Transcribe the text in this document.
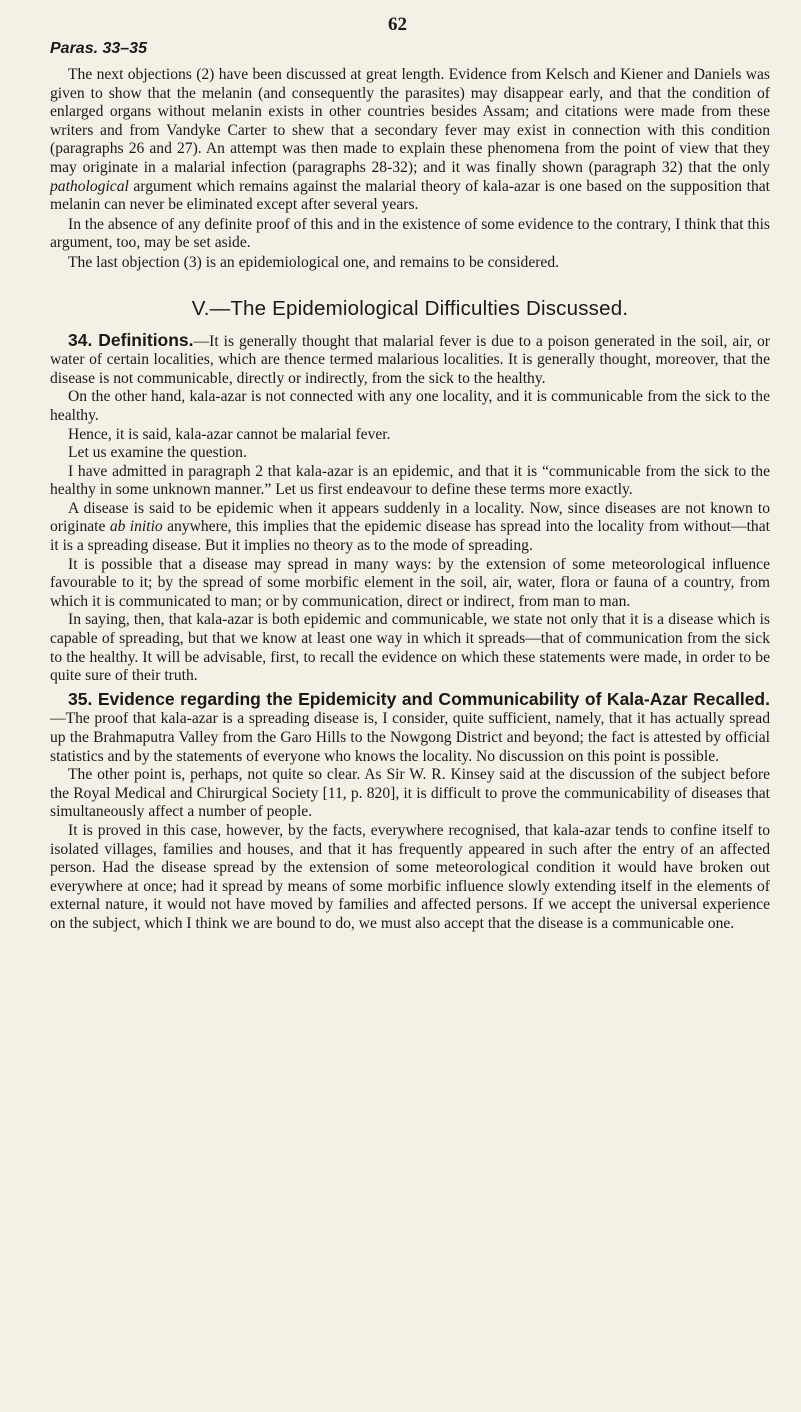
62
Paras. 33–35

The next objections (2) have been discussed at great length. Evidence from Kelsch and Kiener and Daniels was given to show that the melanin (and consequently the parasites) may disappear early, and that the condition of enlarged organs without melanin exists in other countries besides Assam; and citations were made from these writers and from Vandyke Carter to shew that a secondary fever may exist in connection with this condition (paragraphs 26 and 27). An attempt was then made to explain these phenomena from the point of view that they may originate in a malarial infection (paragraphs 28-32); and it was finally shown (paragraph 32) that the only pathological argument which remains against the malarial theory of kala-azar is one based on the supposition that melanin can never be eliminated except after several years.

In the absence of any definite proof of this and in the existence of some evidence to the contrary, I think that this argument, too, may be set aside.

The last objection (3) is an epidemiological one, and remains to be considered.

V.—The Epidemiological Difficulties Discussed.

34. Definitions.—It is generally thought that malarial fever is due to a poison generated in the soil, air, or water of certain localities, which are thence termed malarious localities. It is generally thought, moreover, that the disease is not communicable, directly or indirectly, from the sick to the healthy.

On the other hand, kala-azar is not connected with any one locality, and it is communicable from the sick to the healthy.

Hence, it is said, kala-azar cannot be malarial fever.

Let us examine the question.

I have admitted in paragraph 2 that kala-azar is an epidemic, and that it is “communicable from the sick to the healthy in some unknown manner.” Let us first endeavour to define these terms more exactly.

A disease is said to be epidemic when it appears suddenly in a locality. Now, since diseases are not known to originate ab initio anywhere, this implies that the epidemic disease has spread into the locality from without—that it is a spreading disease. But it implies no theory as to the mode of spreading.

It is possible that a disease may spread in many ways: by the extension of some meteorological influence favourable to it; by the spread of some morbific element in the soil, air, water, flora or fauna of a country, from which it is communicated to man; or by communication, direct or indirect, from man to man.

In saying, then, that kala-azar is both epidemic and communicable, we state not only that it is a disease which is capable of spreading, but that we know at least one way in which it spreads—that of communication from the sick to the healthy. It will be advisable, first, to recall the evidence on which these statements were made, in order to be quite sure of their truth.

35. Evidence regarding the Epidemicity and Communicability of Kala-Azar Recalled.—The proof that kala-azar is a spreading disease is, I consider, quite sufficient, namely, that it has actually spread up the Brahmaputra Valley from the Garo Hills to the Nowgong District and beyond; the fact is attested by official statistics and by the statements of everyone who knows the locality. No discussion on this point is possible.

The other point is, perhaps, not quite so clear. As Sir W. R. Kinsey said at the discussion of the subject before the Royal Medical and Chirurgical Society [11, p. 820], it is difficult to prove the communicability of diseases that simultaneously affect a number of people.

It is proved in this case, however, by the facts, everywhere recognised, that kala-azar tends to confine itself to isolated villages, families and houses, and that it has frequently appeared in such after the entry of an affected person. Had the disease spread by the extension of some meteorological condition it would have broken out everywhere at once; had it spread by means of some morbific influence slowly extending itself in the elements of external nature, it would not have moved by families and affected persons. If we accept the universal experience on the subject, which I think we are bound to do, we must also accept that the disease is a communicable one.
